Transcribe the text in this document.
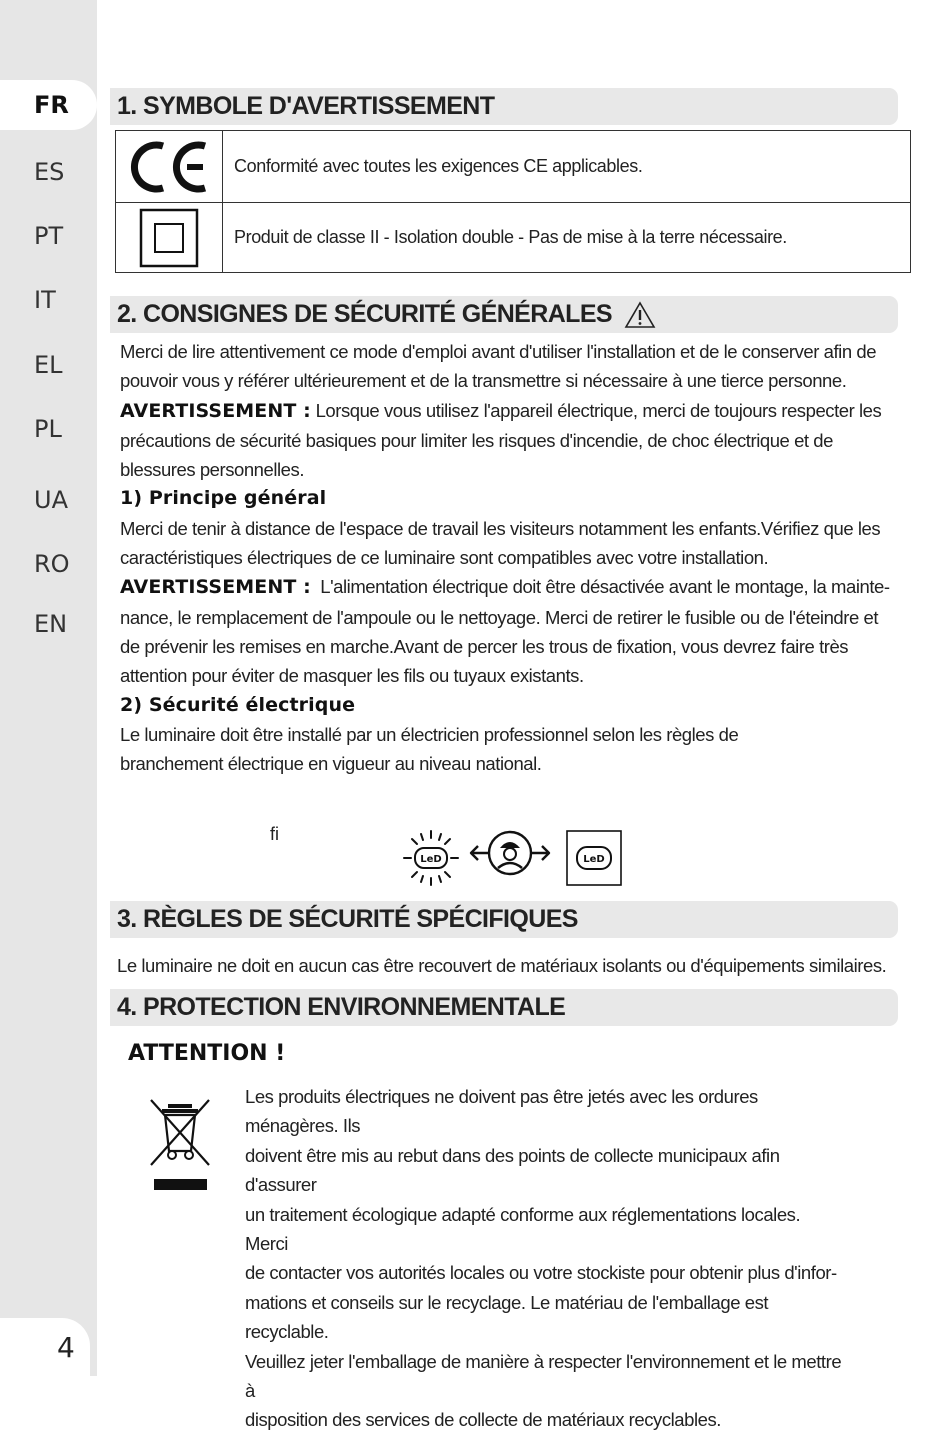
FR
ES
PT
IT
EL
PL
UA
RO
EN
4
1. SYMBOLE D'AVERTISSEMENT
Conformité avec toutes les exigences CE applicables.
Produit de classe II - Isolation double - Pas de mise à la terre nécessaire.
2. CONSIGNES DE SÉCURITÉ GÉNÉRALES

Merci de lire attentivement ce mode d'emploi avant d'utiliser l'installation et de le conserver afin de pouvoir vous y référer ultérieurement et de la transmettre si nécessaire à une tierce personne.

AVERTISSEMENT : Lorsque vous utilisez l'appareil électrique, merci de toujours respecter les précautions de sécurité basiques pour limiter les risques d'incendie, de choc électrique et de blessures personnelles.

1) Principe général

Merci de tenir à distance de l'espace de travail les visiteurs notamment les enfants.Vérifiez que les caractéristiques électriques de ce luminaire sont compatibles avec votre installation.

AVERTISSEMENT :  L'alimentation électrique doit être désactivée avant le montage, la mainte-nance, le remplacement de l'ampoule ou le nettoyage. Merci de retirer le fusible ou de l'éteindre et de prévenir les remises en marche.Avant de percer les trous de fixation, vous devrez faire très attention pour éviter de masquer les fils ou tuyaux existants.

2) Sécurité électrique

Le luminaire doit être installé par un électricien professionnel selon les règles de

branchement électrique en vigueur au niveau national.

fi
LeD	LeD
3. RÈGLES DE SÉCURITÉ SPÉCIFIQUES

Le luminaire ne doit en aucun cas être recouvert de matériaux isolants ou d'équipements similaires.

4. PROTECTION ENVIRONNEMENTALE
ATTENTION !
Les produits électriques ne doivent pas être jetés avec les ordures ménagères. Ils
doivent être mis au rebut dans des points de collecte municipaux afin d'assurer
un traitement écologique adapté conforme aux réglementations locales. Merci
de contacter vos autorités locales ou votre stockiste pour obtenir plus d'infor-
mations et conseils sur le recyclage. Le matériau de l'emballage est recyclable.
Veuillez jeter l'emballage de manière à respecter l'environnement et le mettre à
disposition des services de collecte de matériaux recyclables.
